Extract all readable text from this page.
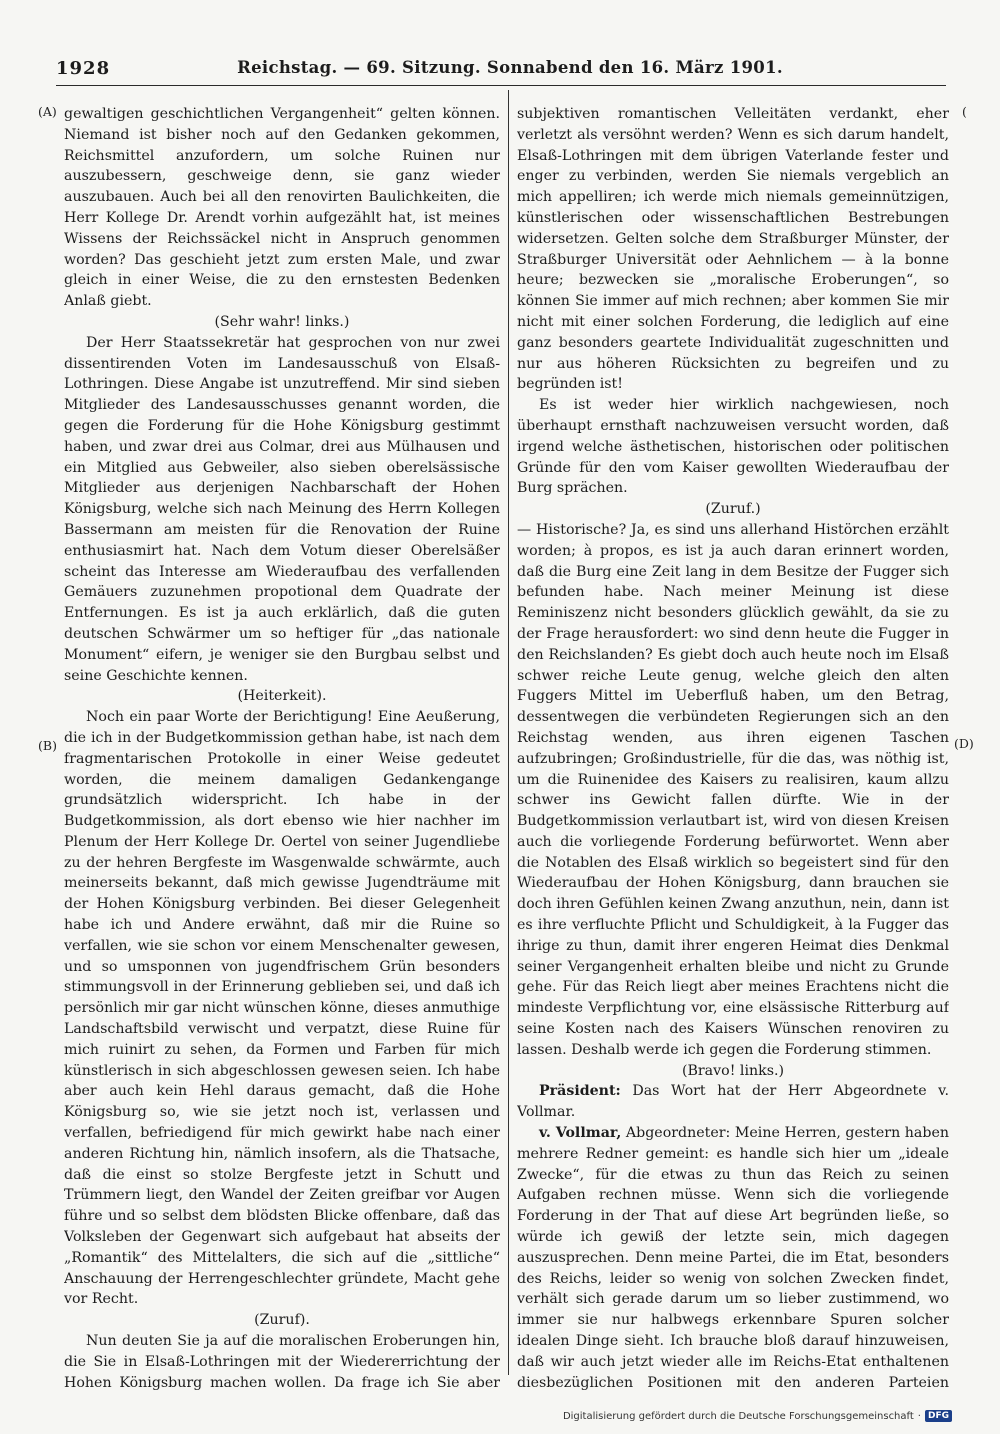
1928	Reichstag. — 69. Sitzung. Sonnabend den 16. März 1901.
(A)
(B)	(D)
(

gewaltigen geschichtlichen Vergangenheit“ gelten können. Niemand ist bisher noch auf den Gedanken gekommen, Reichsmittel anzufordern, um solche Ruinen nur auszubessern, geschweige denn, sie ganz wieder auszubauen. Auch bei all den renovirten Baulichkeiten, die Herr Kollege Dr. Arendt vorhin aufgezählt hat, ist meines Wissens der Reichssäckel nicht in Anspruch genommen worden? Das geschieht jetzt zum ersten Male, und zwar gleich in einer Weise, die zu den ernstesten Bedenken Anlaß giebt.

(Sehr wahr! links.)

Der Herr Staatssekretär hat gesprochen von nur zwei dissentirenden Voten im Landesausschuß von Elsaß-Lothringen. Diese Angabe ist unzutreffend. Mir sind sieben Mitglieder des Landesausschusses genannt worden, die gegen die Forderung für die Hohe Königsburg gestimmt haben, und zwar drei aus Colmar, drei aus Mülhausen und ein Mitglied aus Gebweiler, also sieben oberelsässische Mitglieder aus derjenigen Nachbarschaft der Hohen Königsburg, welche sich nach Meinung des Herrn Kollegen Bassermann am meisten für die Renovation der Ruine enthusiasmirt hat. Nach dem Votum dieser Oberelsäßer scheint das Interesse am Wiederaufbau des verfallenden Gemäuers zuzunehmen propotional dem Quadrate der Entfernungen. Es ist ja auch erklärlich, daß die guten deutschen Schwärmer um so heftiger für „das nationale Monument“ eifern, je weniger sie den Burgbau selbst und seine Geschichte kennen.

(Heiterkeit).

Noch ein paar Worte der Berichtigung! Eine Aeußerung, die ich in der Budgetkommission gethan habe, ist nach dem fragmentarischen Protokolle in einer Weise gedeutet worden, die meinem damaligen Gedankengange grundsätzlich widerspricht. Ich habe in der Budgetkommission, als dort ebenso wie hier nachher im Plenum der Herr Kollege Dr. Oertel von seiner Jugendliebe zu der hehren Bergfeste im Wasgenwalde schwärmte, auch meinerseits bekannt, daß mich gewisse Jugendträume mit der Hohen Königsburg verbinden. Bei dieser Gelegenheit habe ich und Andere erwähnt, daß mir die Ruine so verfallen, wie sie schon vor einem Menschenalter gewesen, und so umsponnen von jugendfrischem Grün besonders stimmungsvoll in der Erinnerung geblieben sei, und daß ich persönlich mir gar nicht wünschen könne, dieses anmuthige Landschaftsbild verwischt und verpatzt, diese Ruine für mich ruinirt zu sehen, da Formen und Farben für mich künstlerisch in sich abgeschlossen gewesen seien. Ich habe aber auch kein Hehl daraus gemacht, daß die Hohe Königsburg so, wie sie jetzt noch ist, verlassen und verfallen, befriedigend für mich gewirkt habe nach einer anderen Richtung hin, nämlich insofern, als die Thatsache, daß die einst so stolze Bergfeste jetzt in Schutt und Trümmern liegt, den Wandel der Zeiten greifbar vor Augen führe und so selbst dem blödsten Blicke offenbare, daß das Volksleben der Gegenwart sich aufgebaut hat abseits der „Romantik“ des Mittelalters, die sich auf die „sittliche“ Anschauung der Herrengeschlechter gründete, Macht gehe vor Recht.

(Zuruf).

Nun deuten Sie ja auf die moralischen Eroberungen hin, die Sie in Elsaß-Lothringen mit der Wiedererrichtung der Hohen Königsburg machen wollen. Da frage ich Sie aber

subjektiven romantischen Velleitäten verdankt, eher verletzt als versöhnt werden? Wenn es sich darum handelt, Elsaß-Lothringen mit dem übrigen Vaterlande fester und enger zu verbinden, werden Sie niemals vergeblich an mich appelliren; ich werde mich niemals gemeinnützigen, künstlerischen oder wissenschaftlichen Bestrebungen widersetzen. Gelten solche dem Straßburger Münster, der Straßburger Universität oder Aehnlichem — à la bonne heure; bezwecken sie „moralische Eroberungen“, so können Sie immer auf mich rechnen; aber kommen Sie mir nicht mit einer solchen Forderung, die lediglich auf eine ganz besonders geartete Individualität zugeschnitten und nur aus höheren Rücksichten zu begreifen und zu begründen ist!

Es ist weder hier wirklich nachgewiesen, noch überhaupt ernsthaft nachzuweisen versucht worden, daß irgend welche ästhetischen, historischen oder politischen Gründe für den vom Kaiser gewollten Wiederaufbau der Burg sprächen.

(Zuruf.)

— Historische? Ja, es sind uns allerhand Histörchen erzählt worden; à propos, es ist ja auch daran erinnert worden, daß die Burg eine Zeit lang in dem Besitze der Fugger sich befunden habe. Nach meiner Meinung ist diese Reminiszenz nicht besonders glücklich gewählt, da sie zu der Frage herausfordert: wo sind denn heute die Fugger in den Reichslanden? Es giebt doch auch heute noch im Elsaß schwer reiche Leute genug, welche gleich den alten Fuggers Mittel im Ueberfluß haben, um den Betrag, dessentwegen die verbündeten Regierungen sich an den Reichstag wenden, aus ihren eigenen Taschen aufzubringen; Großindustrielle, für die das, was nöthig ist, um die Ruinenidee des Kaisers zu realisiren, kaum allzu schwer ins Gewicht fallen dürfte. Wie in der Budgetkommission verlautbart ist, wird von diesen Kreisen auch die vorliegende Forderung befürwortet. Wenn aber die Notablen des Elsaß wirklich so begeistert sind für den Wiederaufbau der Hohen Königsburg, dann brauchen sie doch ihren Gefühlen keinen Zwang anzuthun, nein, dann ist es ihre verfluchte Pflicht und Schuldigkeit, à la Fugger das ihrige zu thun, damit ihrer engeren Heimat dies Denkmal seiner Vergangenheit erhalten bleibe und nicht zu Grunde gehe. Für das Reich liegt aber meines Erachtens nicht die mindeste Verpflichtung vor, eine elsässische Ritterburg auf seine Kosten nach des Kaisers Wünschen renoviren zu lassen. Deshalb werde ich gegen die Forderung stimmen.

(Bravo! links.)

Präsident: Das Wort hat der Herr Abgeordnete v. Vollmar.

v. Vollmar, Abgeordneter: Meine Herren, gestern haben mehrere Redner gemeint: es handle sich hier um „ideale Zwecke“, für die etwas zu thun das Reich zu seinen Aufgaben rechnen müsse. Wenn sich die vorliegende Forderung in der That auf diese Art begründen ließe, so würde ich gewiß der letzte sein, mich dagegen auszusprechen. Denn meine Partei, die im Etat, besonders des Reichs, leider so wenig von solchen Zwecken findet, verhält sich gerade darum um so lieber zustimmend, wo immer sie nur halbwegs erkennbare Spuren solcher idealen Dinge sieht. Ich brauche bloß darauf hinzuweisen, daß wir auch jetzt wieder alle im Reichs-Etat enthaltenen diesbezüglichen Positionen mit den anderen Parteien

Digitalisierung gefördert durch die Deutsche Forschungsgemeinschaft · DFG
